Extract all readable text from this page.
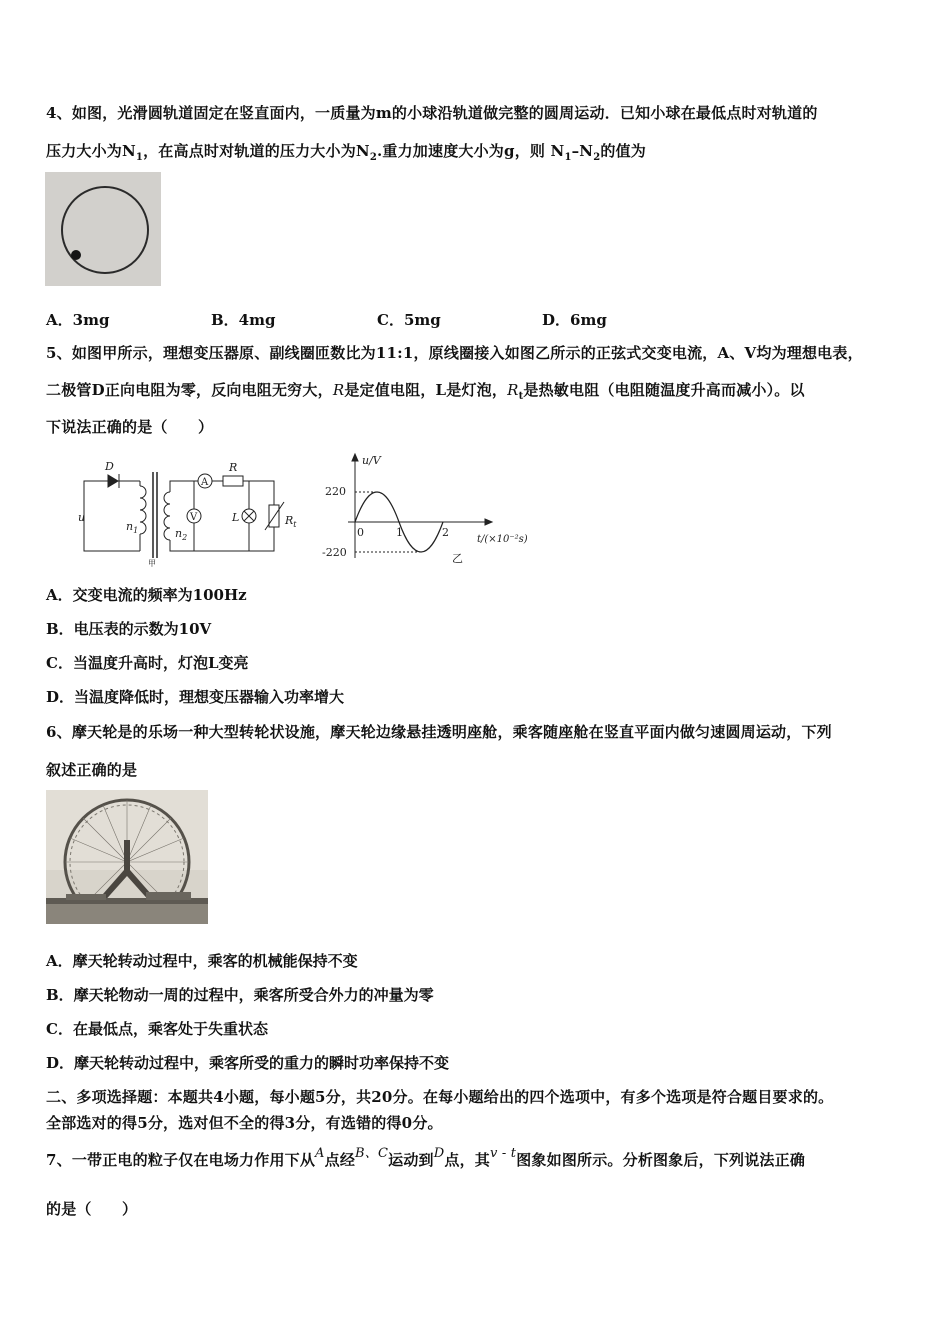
4、如图，光滑圆轨道固定在竖直面内，一质量为m的小球沿轨道做完整的圆周运动．已知小球在最低点时对轨道的
压力大小为$N_1$，在高点时对轨道的压力大小为$N_2$.重力加速度大小为g，则 $N_1-N_2$的值为
A．3mg	B．4mg	C．5mg	D．6mg
5、如图甲所示，理想变压器原、副线圈匝数比为11:1，原线圈接入如图乙所示的正弦式交变电流，A、V均为理想电表，
二极管D正向电阻为零，反向电阻无穷大，R是定值电阻，L是灯泡，$R_t$是热敏电阻（电阻随温度升高而减小）。以
下说法正确的是（　　）
D
u
$n_1$	$n_2$
A
R
V	L	$R_t$
甲
u/V
220
-220
0	1	2
t/(×10⁻²s)
乙
A．交变电流的频率为100Hz
B．电压表的示数为10V
C．当温度升高时，灯泡L变亮
D．当温度降低时，理想变压器输入功率增大
6、摩天轮是的乐场一种大型转轮状设施，摩天轮边缘悬挂透明座舱，乘客随座舱在竖直平面内做匀速圆周运动，下列
叙述正确的是
A．摩天轮转动过程中，乘客的机械能保持不变
B．摩天轮物动一周的过程中，乘客所受合外力的冲量为零
C．在最低点，乘客处于失重状态
D．摩天轮转动过程中，乘客所受的重力的瞬时功率保持不变
二、多项选择题：本题共4小题，每小题5分，共20分。在每小题给出的四个选项中，有多个选项是符合题目要求的。
全部选对的得5分，选对但不全的得3分，有选错的得0分。
7、一带正电的粒子仅在电场力作用下从A点经B、C运动到D点，其v - t图象如图所示。分析图象后，下列说法正确
的是（　　）
